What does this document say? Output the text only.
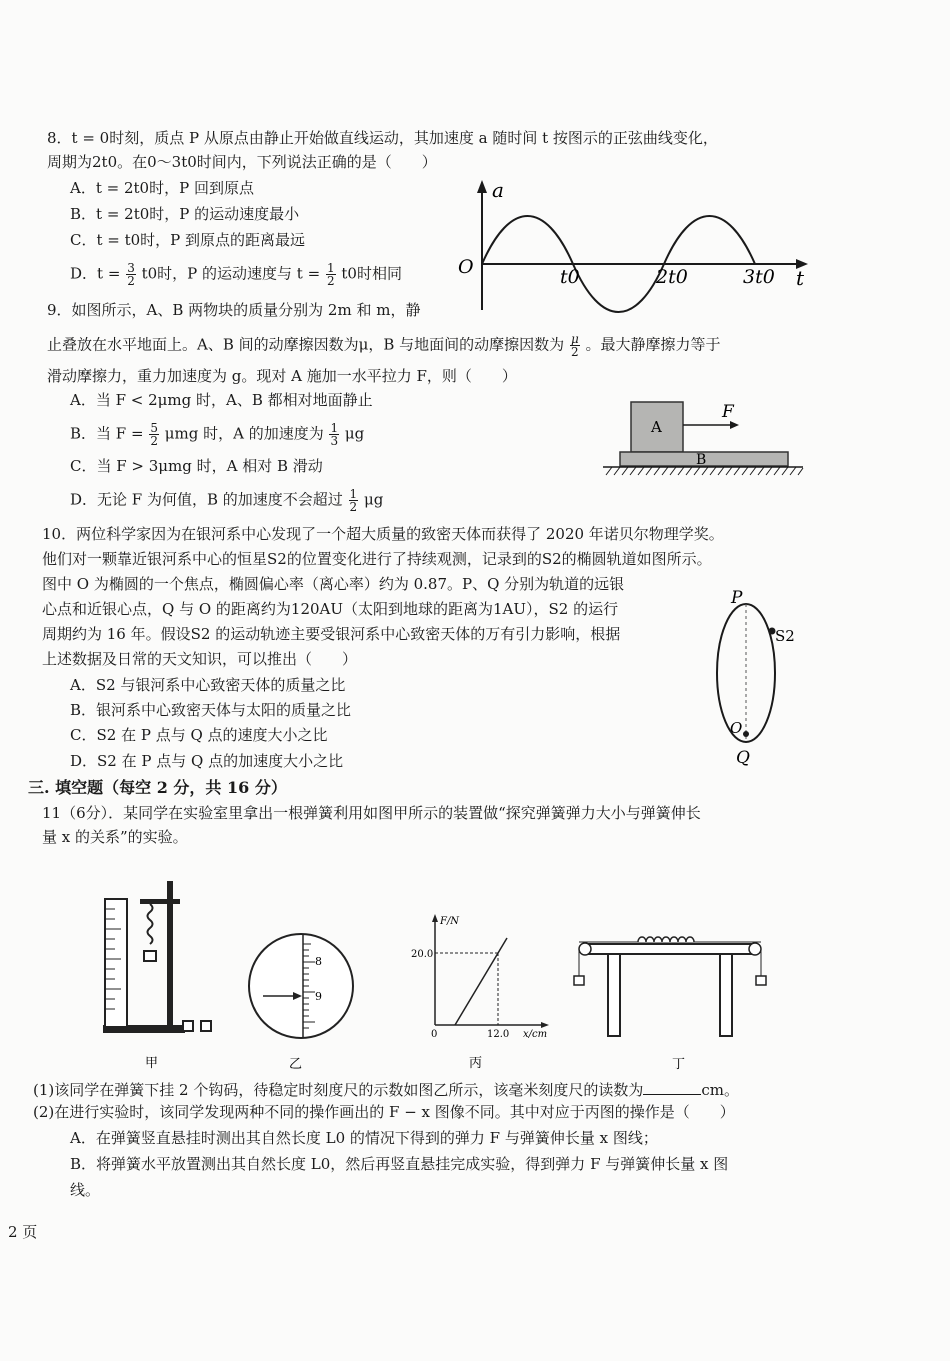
8．t = 0时刻，质点 P 从原点由静止开始做直线运动，其加速度 a 随时间 t 按图示的正弦曲线变化，
周期为2t0。在0～3t0时间内，下列说法正确的是（　　）
A．t = 2t0时，P 回到原点
B．t = 2t0时，P 的运动速度最小
C．t = t0时，P 到原点的距离最远
D．$t = \frac{3}{2} t0$时，P 的运动速度与 $t = \frac{1}{2} t0$时相同
a
O	t
t0	2t0	3t0
9．如图所示，A、B 两物块的质量分别为 2m 和 m，静
止叠放在水平地面上。A、B 间的动摩擦因数为μ，B 与地面间的动摩擦因数为 $\frac{\mu}{2}$ 。最大静摩擦力等于
滑动摩擦力，重力加速度为 g。现对 A 施加一水平拉力 F，则（　　）
A．当 F < 2μmg 时，A、B 都相对地面静止
B．当 $F = \frac{5}{2}$ μmg 时，A 的加速度为 $\frac{1}{3}$ μg
C．当 F > 3μmg 时，A 相对 B 滑动
D．无论 F 为何值，B 的加速度不会超过 $\frac{1}{2}$ μg
A
B
F
10．两位科学家因为在银河系中心发现了一个超大质量的致密天体而获得了 2020 年诺贝尔物理学奖。
他们对一颗靠近银河系中心的恒星S2的位置变化进行了持续观测，记录到的S2的椭圆轨道如图所示。
图中 O 为椭圆的一个焦点，椭圆偏心率（离心率）约为 0.87。P、Q 分别为轨道的远银
心点和近银心点，Q 与 O 的距离约为120AU（太阳到地球的距离为1AU），S2 的运行
周期约为 16 年。假设S2 的运动轨迹主要受银河系中心致密天体的万有引力影响，根据
上述数据及日常的天文知识，可以推出（　　）
A．S2 与银河系中心致密天体的质量之比
B．银河系中心致密天体与太阳的质量之比
C．S2 在 P 点与 Q 点的速度大小之比
D．S2 在 P 点与 Q 点的加速度大小之比
P
S2
O
Q
三. 填空题（每空 2 分，共 16 分）
11（6分）．某同学在实验室里拿出一根弹簧利用如图甲所示的装置做“探究弹簧弹力大小与弹簧伸长
量 x 的关系”的实验。
甲
8
9
乙
F/N
20.0
0	12.0 x/cm
丙	丁
(1)该同学在弹簧下挂 2 个钩码，待稳定时刻度尺的示数如图乙所示，该毫米刻度尺的读数为	cm。
(2)在进行实验时，该同学发现两种不同的操作画出的 F − x 图像不同。其中对应于丙图的操作是（　　）
A．在弹簧竖直悬挂时测出其自然长度 L0 的情况下得到的弹力 F 与弹簧伸长量 x 图线；
B．将弹簧水平放置测出其自然长度 L0，然后再竖直悬挂完成实验，得到弹力 F 与弹簧伸长量 x 图
线。
2 页
